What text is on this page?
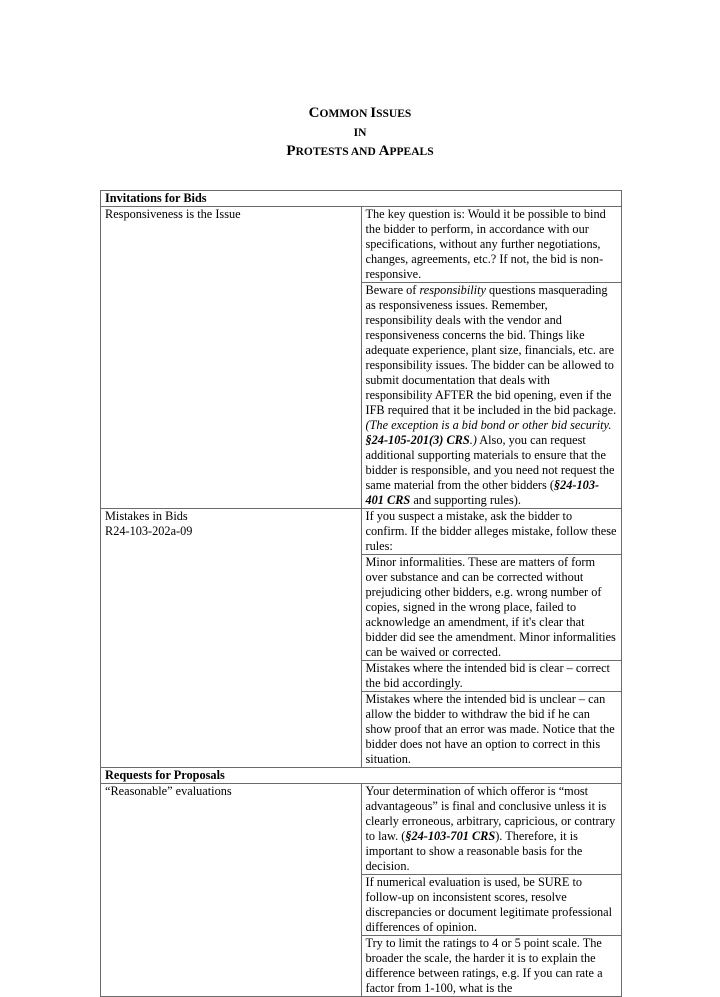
COMMON ISSUES
IN
PROTESTS AND APPEALS
Invitations for Bids	
Responsiveness is the Issue	The key question is: Would it be possible to bind the bidder to perform, in accordance with our specifications, without any further negotiations, changes, agreements, etc.? If not, the bid is non-responsive.
	Beware of responsibility questions masquerading as responsiveness issues. Remember, responsibility deals with the vendor and responsiveness concerns the bid. Things like adequate experience, plant size, financials, etc. are responsibility issues. The bidder can be allowed to submit documentation that deals with responsibility AFTER the bid opening, even if the IFB required that it be included in the bid package. (The exception is a bid bond or other bid security. §24-105-201(3) CRS.) Also, you can request additional supporting materials to ensure that the bidder is responsible, and you need not request the same material from the other bidders (§24-103-401 CRS and supporting rules).

Mistakes in Bids
R24-103-202a-09	If you suspect a mistake, ask the bidder to confirm. If the bidder alleges mistake, follow these rules:
	Minor informalities. These are matters of form over substance and can be corrected without prejudicing other bidders, e.g. wrong number of copies, signed in the wrong place, failed to acknowledge an amendment, if it's clear that bidder did see the amendment. Minor informalities can be waived or corrected.
	Mistakes where the intended bid is clear – correct the bid accordingly.
	Mistakes where the intended bid is unclear – can allow the bidder to withdraw the bid if he can show proof that an error was made. Notice that the bidder does not have an option to correct in this situation.
Requests for Proposals	
“Reasonable” evaluations	Your determination of which offeror is “most advantageous” is final and conclusive unless it is clearly erroneous, arbitrary, capricious, or contrary to law. (§24-103-701 CRS). Therefore, it is important to show a reasonable basis for the decision.
	If numerical evaluation is used, be SURE to follow-up on inconsistent scores, resolve discrepancies or document legitimate professional differences of opinion.
	Try to limit the ratings to 4 or 5 point scale. The broader the scale, the harder it is to explain the difference between ratings, e.g. If you can rate a factor from 1-100, what is the
